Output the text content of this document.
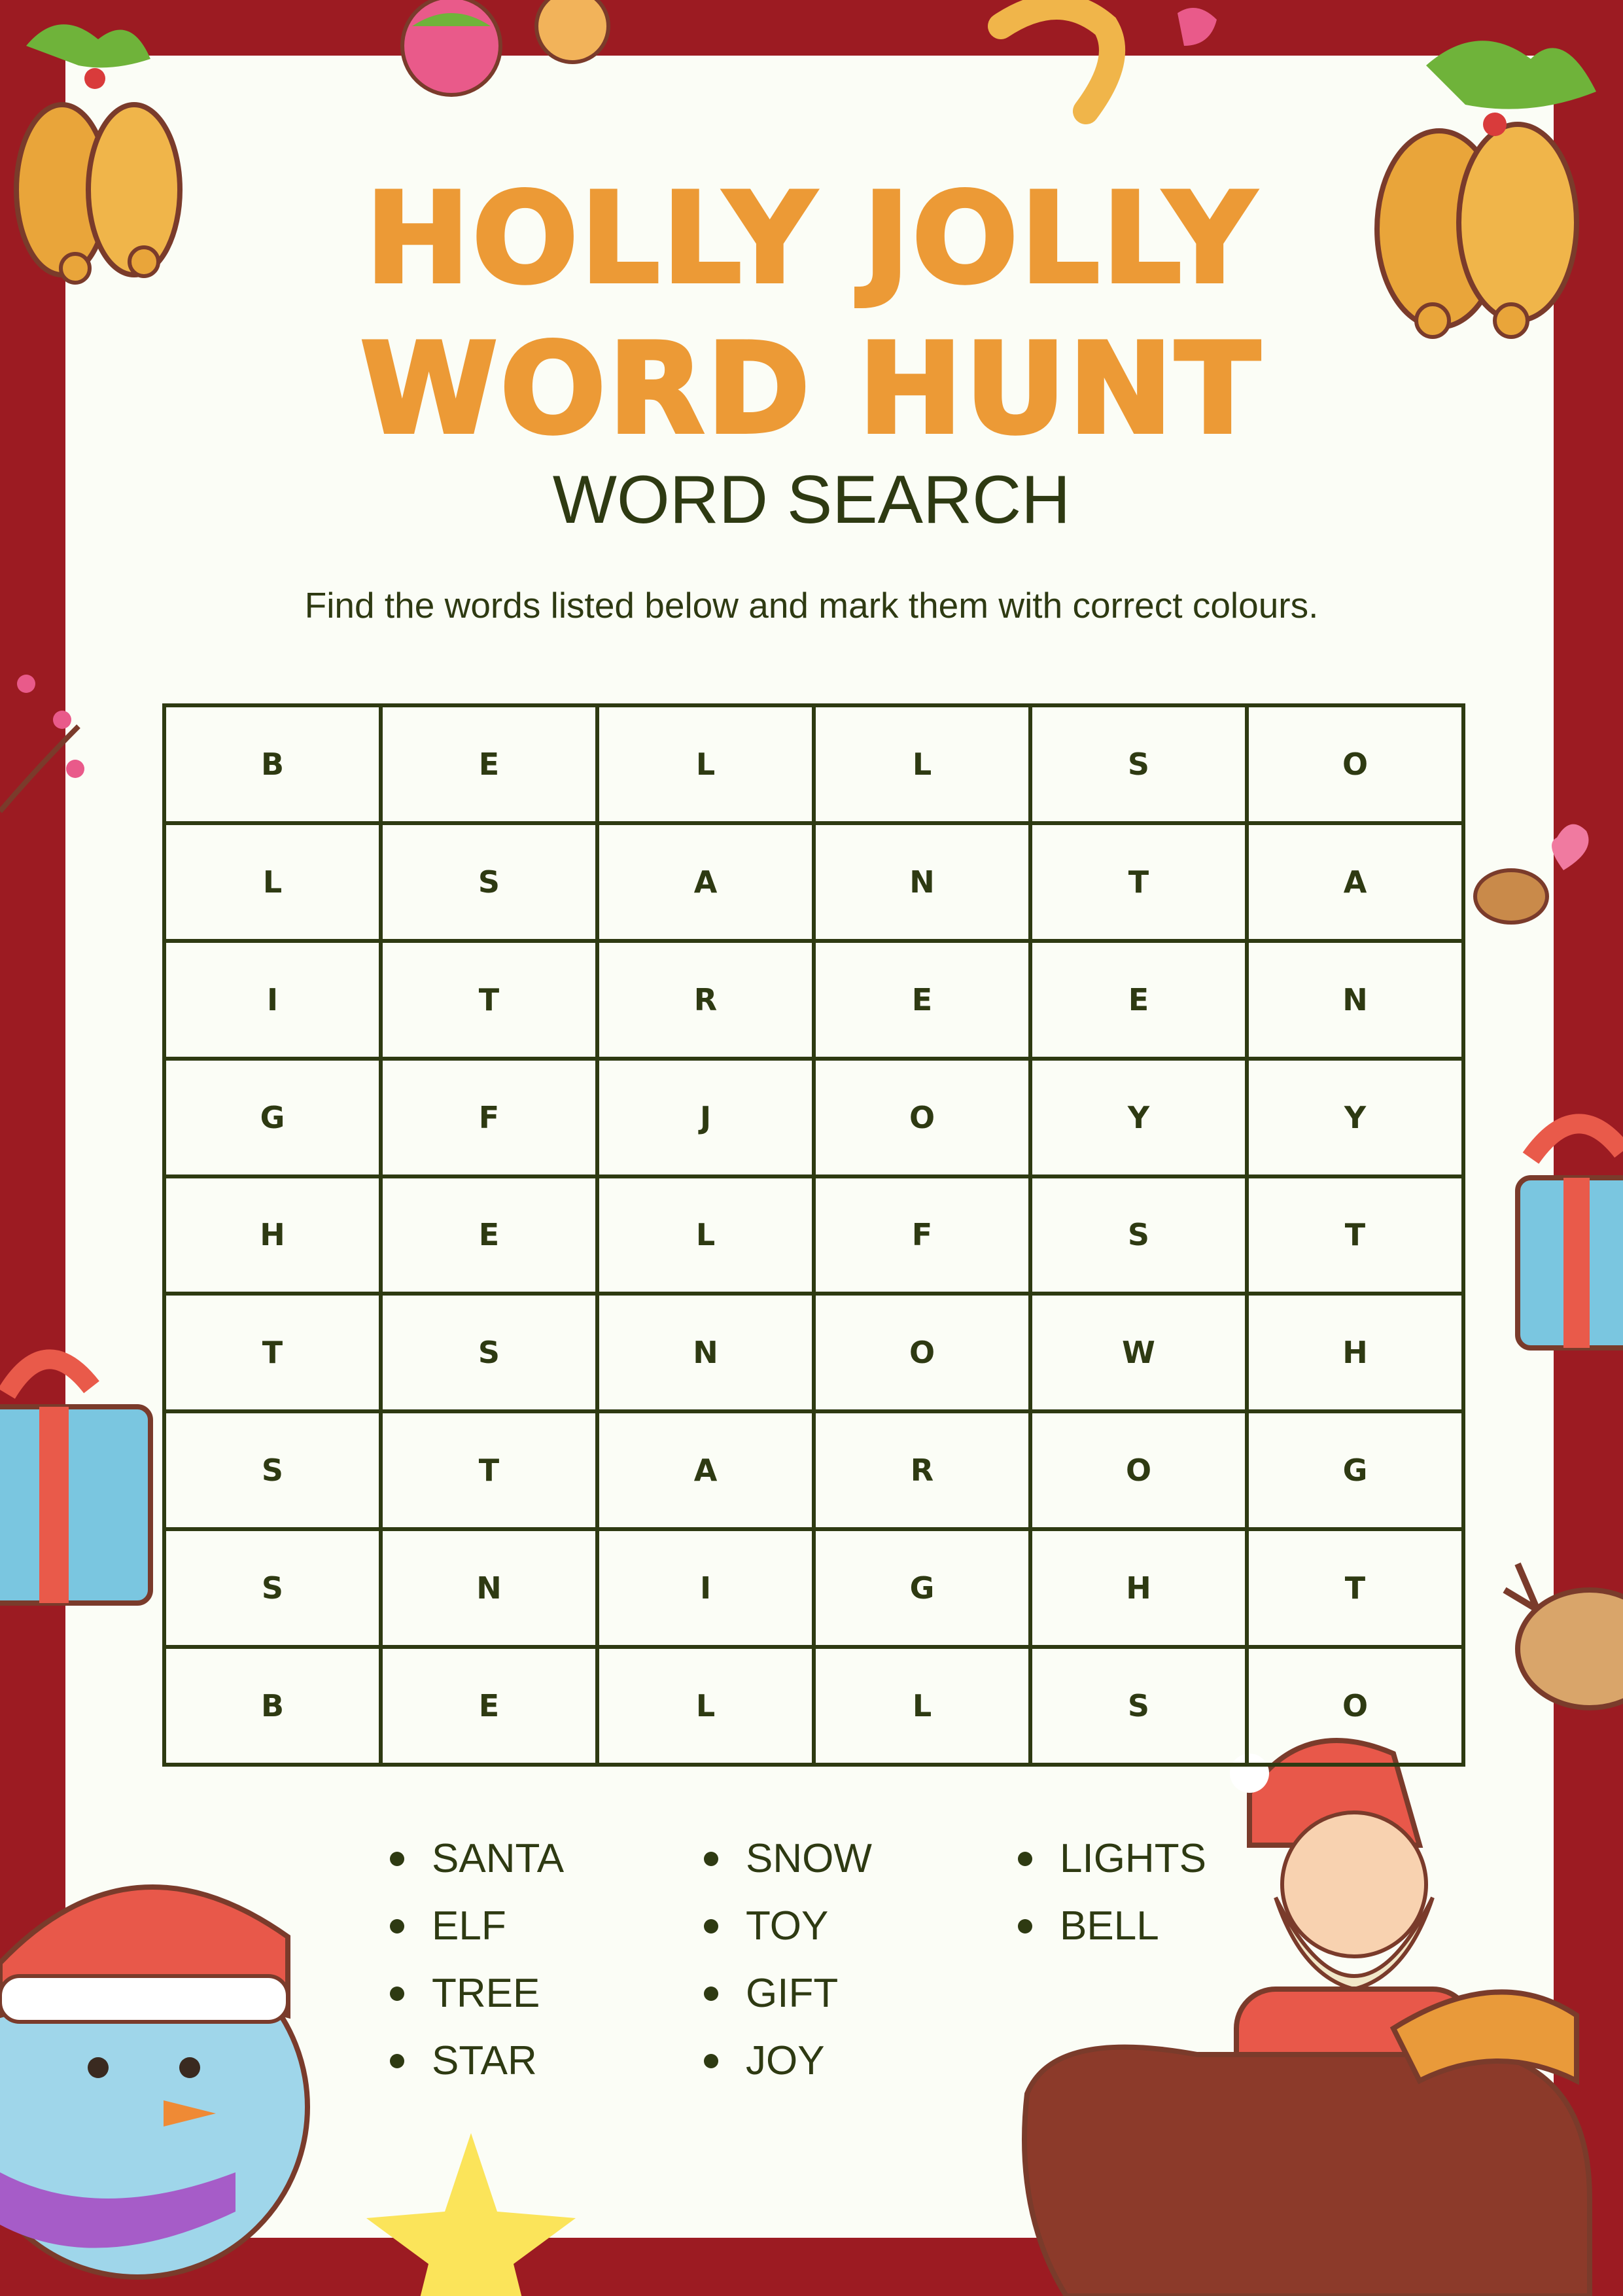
HOLLY JOLLY
WORD HUNT
WORD SEARCH
Find the words listed below and mark them with correct colours.
B	E	L	L	S	O
L	S	A	N	T	A
I	T	R	E	E	N
G	F	J	O	Y	Y
H	E	L	F	S	T
T	S	N	O	W	H
S	T	A	R	O	G
S	N	I	G	H	T
B	E	L	L	S	O
SANTA
ELF
TREE
STAR
SNOW
TOY
GIFT
JOY
LIGHTS
BELL
